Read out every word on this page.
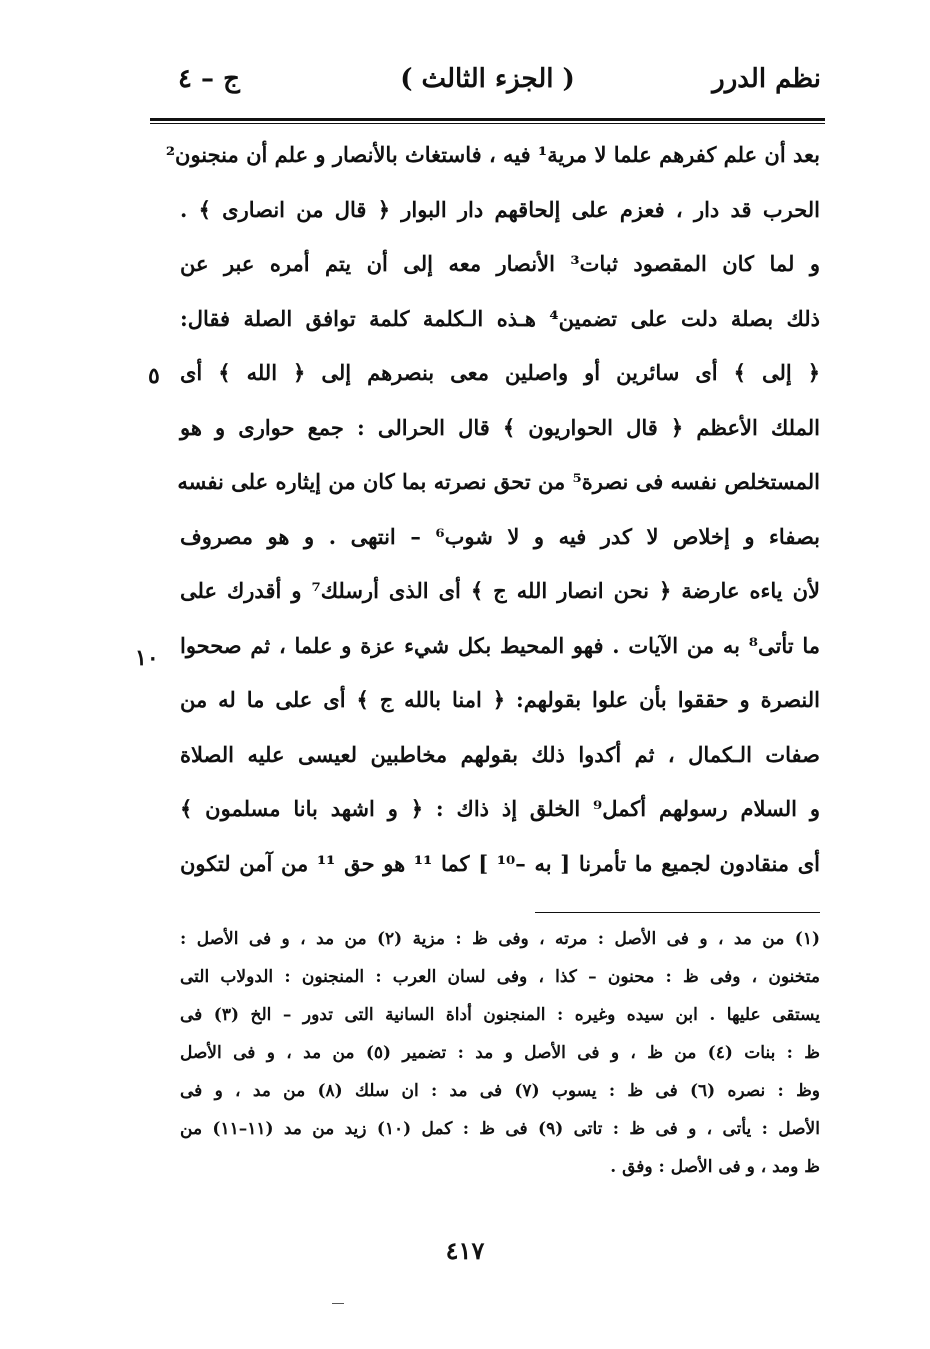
نظم الدرر
( الجزء الثالث )
ج – ٤
بعد أن علم كفرهم علما لا مرية¹ فيه ، فاستغاث بالأنصار و علم أن منجنون²
الحرب قد دار ، فعزم على إلحاقهم دار البوار ﴿ قال من انصارى ﴾ .
و لما كان المقصود ثبات³ الأنصار معه إلى أن يتم أمره عبر عن
ذلك بصلة دلت على تضمين⁴ هـذه الـكلمة كلمة توافق الصلة فقال:
﴿ إلى ﴾ أى سائرين أو واصلين معى بنصرهم إلى ﴿ الله ﴾ أى
الملك الأعظم ﴿ قال الحواريون ﴾ قال الحرالى : جمع حوارى و هو
المستخلص نفسه فى نصرة⁵ من تحق نصرته بما كان من إيثاره على نفسه
بصفاء و إخلاص لا كدر فيه و لا شوب⁶ – انتهى . و هو مصروف
لأن ياءه عارضة ﴿ نحن انصار الله ج ﴾ أى الذى أرسلك⁷ و أقدرك على
ما تأتى⁸ به من الآيات . فهو المحيط بكل شيء عزة و علما ، ثم صححوا
النصرة و حققوا بأن علوا بقولهم: ﴿ امنا بالله ج ﴾ أى على ما له من
صفات الـكمال ، ثم أكدوا ذلك بقولهم مخاطبين لعيسى عليه الصلاة
و السلام رسولهم أكمل⁹ الخلق إذ ذاك : ﴿ و اشهد بانا مسلمون ﴾
أى منقادون لجميع ما تأمرنا [ به –¹⁰ ] كما ¹¹ هو حق ¹¹ من آمن لتكون
٥
١٠
(١) من مد ، و فى الأصل : مرته ، وفى ظ : مزية (٢) من مد ، و فى الأصل :
متخنون ، وفى ظ : محنون – كذا ، وفى لسان العرب : المنجنون : الدولاب التى
يستقى عليها . ابن سيده وغيره : المنجنون أداة السانية التى تدور – الخ (٣) فى
ظ : بنات (٤) من ظ ، و فى الأصل و مد : تضمير (٥) من مد ، و فى الأصل
وظ : نصره (٦) فى ظ : يسوب (٧) فى مد : ان سلك (٨) من مد ، و فى
الأصل : يأتى ، و فى ظ : تاتى (٩) فى ظ : كمل (١٠) زيد من مد (١١–١١) من
ظ ومد ، و فى الأصل : وفق .
٤١٧
